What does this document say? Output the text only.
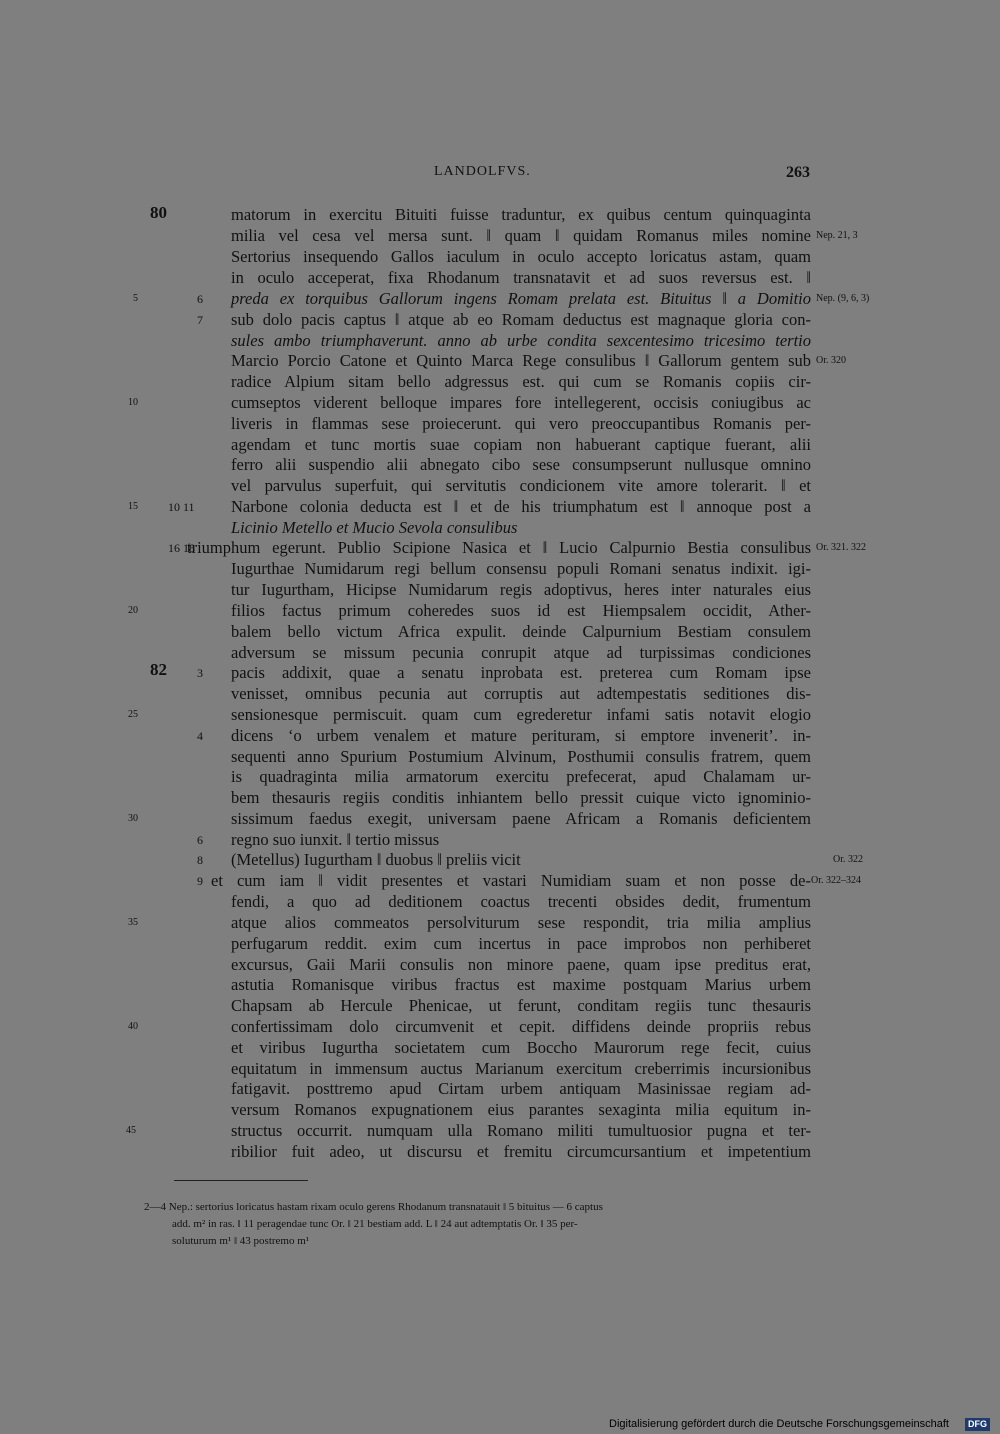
LANDOLFVS.	263
80
82
matorum in exercitu Bituiti fuisse traduntur, ex quibus centum quinquaginta
milia vel cesa vel mersa sunt. ‖ quam ‖ quidam Romanus miles nomine
Sertorius insequendo Gallos iaculum in oculo accepto loricatus astam, quam
in oculo acceperat, fixa Rhodanum transnatavit et ad suos reversus est. ‖
preda ex torquibus Gallorum ingens Romam prelata est. Bituitus ‖ a Domitio
sub dolo pacis captus ‖ atque ab eo Romam deductus est magnaque gloria con-
sules ambo triumphaverunt. anno ab urbe condita sexcentesimo tricesimo tertio
Marcio Porcio Catone et Quinto Marca Rege consulibus ‖ Gallorum gentem sub
radice Alpium sitam bello adgressus est. qui cum se Romanis copiis cir-
cumseptos viderent belloque impares fore intellegerent, occisis coniugibus ac
liveris in flammas sese proiecerunt. qui vero preoccupantibus Romanis per-
agendam et tunc mortis suae copiam non habuerant captique fuerant, alii
ferro alii suspendio alii abnegato cibo sese consumpserunt nullusque omnino
vel parvulus superfuit, qui servitutis condicionem vite amore tolerarit. ‖ et
Narbone colonia deducta est ‖ et de his triumphatum est ‖ annoque post a
Licinio Metello et Mucio Sevola consulibus
triumphum egerunt. Publio Scipione Nasica et ‖ Lucio Calpurnio Bestia consulibus
Iugurthae Numidarum regi bellum consensu populi Romani senatus indixit. igi-
tur Iugurtham, Hicipse Numidarum regis adoptivus, heres inter naturales eius
filios factus primum coheredes suos id est Hiempsalem occidit, Ather-
balem bello victum Africa expulit. deinde Calpurnium Bestiam consulem
adversum se missum pecunia conrupit atque ad turpissimas condiciones
pacis addixit, quae a senatu inprobata est. preterea cum Romam ipse
venisset, omnibus pecunia aut corruptis aut adtempestatis seditiones dis-
sensionesque permiscuit. quam cum egrederetur infami satis notavit elogio
dicens ‘o urbem venalem et mature perituram, si emptore invenerit’. in-
sequenti anno Spurium Postumium Alvinum, Posthumii consulis fratrem, quem
is quadraginta milia armatorum exercitu prefecerat, apud Chalamam ur-
bem thesauris regiis conditis inhiantem bello pressit cuique victo ignominio-
sissimum faedus exegit, universam paene Africam a Romanis deficientem
regno suo iunxit. ‖ tertio missus
(Metellus) Iugurtham ‖ duobus ‖ preliis vicit
et cum iam ‖ vidit presentes et vastari Numidiam suam et non posse de-
fendi, a quo ad deditionem coactus trecenti obsides dedit, frumentum
atque alios commeatos persolviturum sese respondit, tria milia amplius
perfugarum reddit. exim cum incertus in pace improbos non perhiberet
excursus, Gaii Marii consulis non minore paene, quam ipse preditus erat,
astutia Romanisque viribus fractus est maxime postquam Marius urbem
Chapsam ab Hercule Phenicae, ut ferunt, conditam regiis tunc thesauris
confertissimam dolo circumvenit et cepit. diffidens deinde propriis rebus
et viribus Iugurtha societatem cum Boccho Maurorum rege fecit, cuius
equitatum in immensum auctus Marianum exercitum creberrimis incursionibus
fatigavit. posttremo apud Cirtam urbem antiquam Masinissae regiam ad-
versum Romanos expugnationem eius parantes sexaginta milia equitum in-
structus occurrit. numquam ulla Romano militi tumultuosior pugna et ter-
ribilior fuit adeo, ut discursu et fremitu circumcursantium et impetentium
5
10
15
20
25
30
35
40
45
6
7
10 11
16 18
3
4
6
8
9
Nep. 21, 3
Nep. (9, 6, 3)
Or. 320
Or. 321. 322
Or. 322
Or. 322–324
2—4 Nep.: sertorius loricatus hastam rixam oculo gerens Rhodanum transnatauit ‖ 5 bituitus — 6 captus
add. m² in ras. ‖ 11 peragendae tunc Or. ‖ 21 bestiam add. L ‖ 24 aut adtemptatis Or. ‖ 35 per-
soluturum m¹ ‖ 43 postremo m¹
Digitalisierung gefördert durch die Deutsche Forschungsgemeinschaft	DFG
